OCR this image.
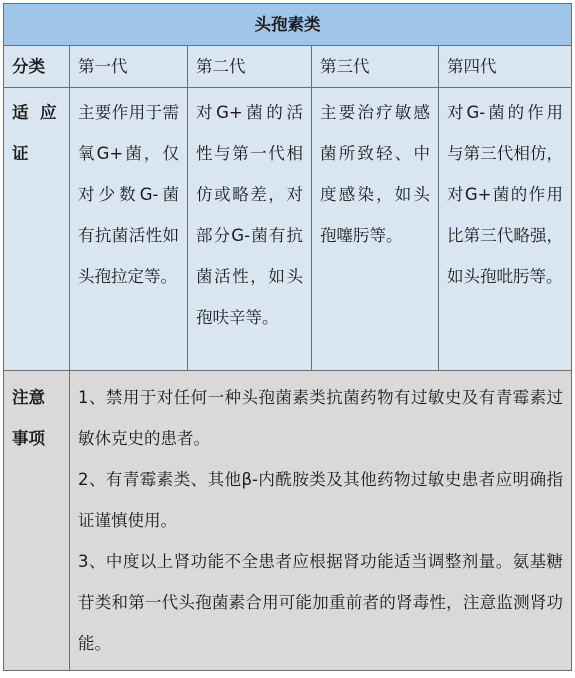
头孢素类				
分类	第一代	第二代	第三代	第四代

适  应
证	主要作用于需氧G+菌，仅对少数G-菌有抗菌活性如头孢拉定等。	对G+菌的活性与第一代相仿或略差，对部分G-菌有抗菌活性，如头孢呋辛等。	主要治疗敏感菌所致轻、中度感染，如头孢噻肟等。	对G-菌的作用与第三代相仿，对G+菌的作用比第三代略强，如头孢吡肟等。

注意
事项	1、禁用于对任何一种头孢菌素类抗菌药物有过敏史及有青霉素过敏休克史的患者。
2、有青霉素类、其他β-内酰胺类及其他药物过敏史患者应明确指证谨慎使用。
3、中度以上肾功能不全患者应根据肾功能适当调整剂量。氨基糖苷类和第一代头孢菌素合用可能加重前者的肾毒性，注意监测肾功能。			
